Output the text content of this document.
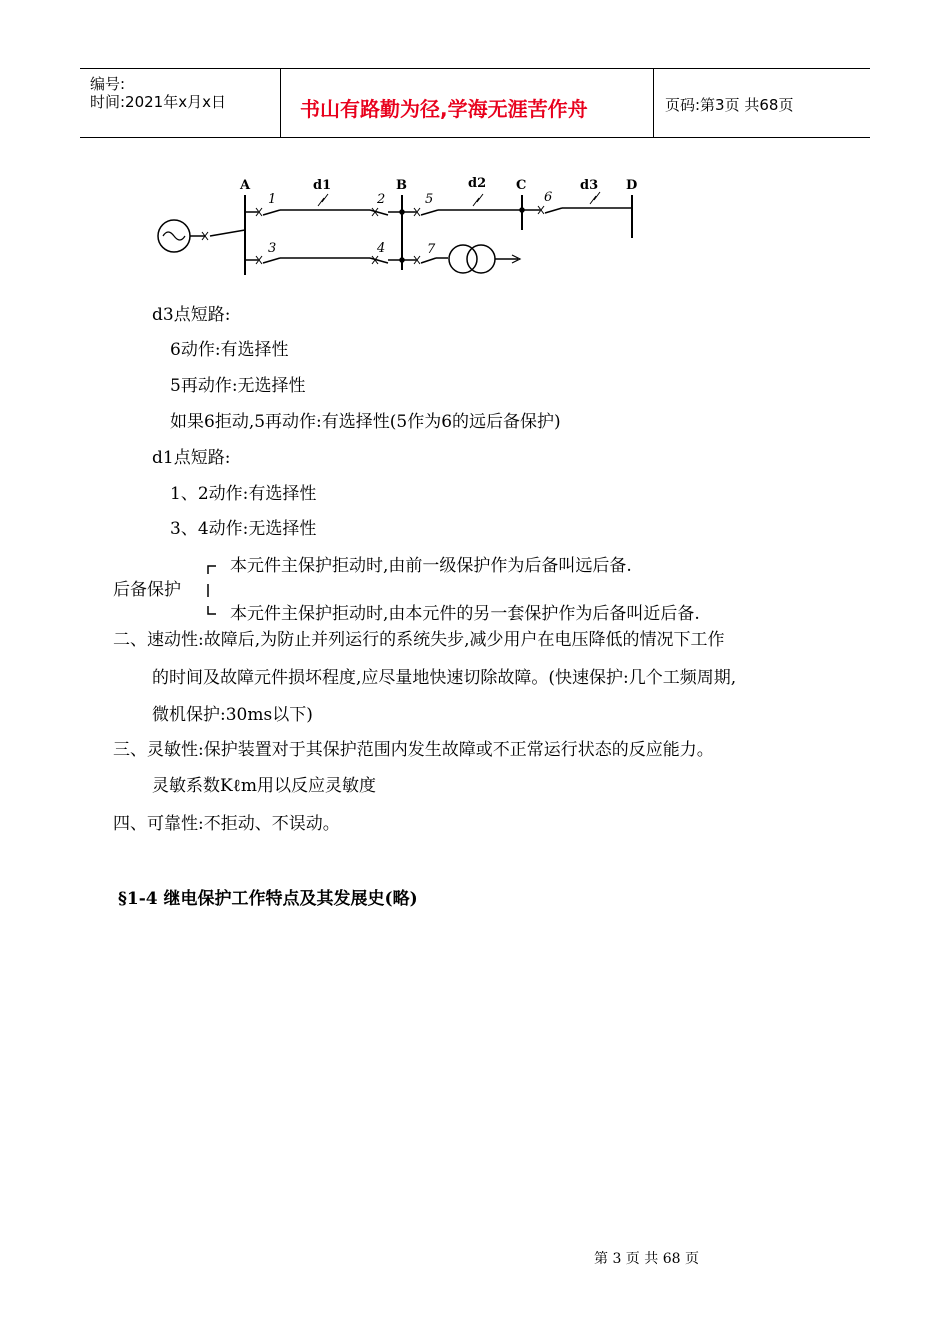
编号:
时间:2021年x月x日	书山有路勤为径,学海无涯苦作舟	页码:第3页 共68页
A	B	C
d1	d2
1	2
3	4
5
7
6
d3 D
d3点短路:
6动作:有选择性
5再动作:无选择性
如果6拒动,5再动作:有选择性(5作为6的远后备保护)
d1点短路:
1、2动作:有选择性
3、4动作:无选择性
后备保护
本元件主保护拒动时,由前一级保护作为后备叫远后备.
本元件主保护拒动时,由本元件的另一套保护作为后备叫近后备.
二、速动性:故障后,为防止并列运行的系统失步,减少用户在电压降低的情况下工作
的时间及故障元件损坏程度,应尽量地快速切除故障。(快速保护:几个工频周期,
微机保护:30ms以下)
三、灵敏性:保护装置对于其保护范围内发生故障或不正常运行状态的反应能力。
灵敏系数Kℓm用以反应灵敏度
四、可靠性:不拒动、不误动。
§1-4 继电保护工作特点及其发展史(略)
第 3 页 共 68 页
